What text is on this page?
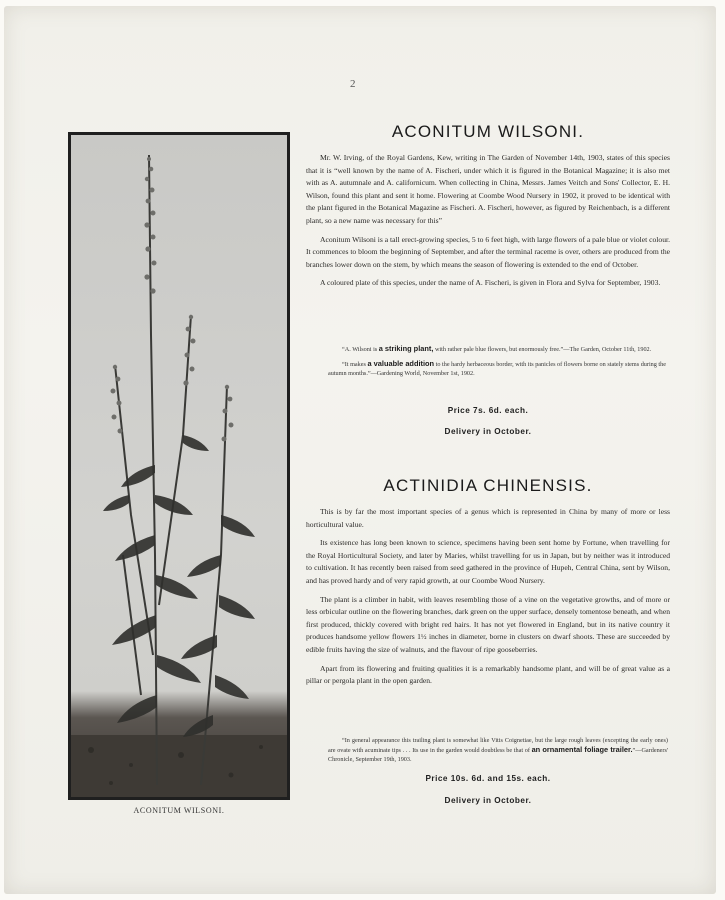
2
ACONITUM WILSONI.
ACONITUM WILSONI.

Mr. W. Irving, of the Royal Gardens, Kew, writing in The Garden of November 14th, 1903, states of this species that it is “well known by the name of A. Fischeri, under which it is figured in the Botanical Magazine; it is also met with as A. autumnale and A. californicum. When collecting in China, Messrs. James Veitch and Sons' Collector, E. H. Wilson, found this plant and sent it home. Flowering at Coombe Wood Nursery in 1902, it proved to be identical with the plant figured in the Botanical Magazine as Fischeri. A. Fischeri, however, as figured by Reichenbach, is a different plant, so a new name was necessary for this”

Aconitum Wilsoni is a tall erect-growing species, 5 to 6 feet high, with large flowers of a pale blue or violet colour. It commences to bloom the beginning of September, and after the terminal raceme is over, others are produced from the branches lower down on the stem, by which means the season of flowering is extended to the end of October.

A coloured plate of this species, under the name of A. Fischeri, is given in Flora and Sylva for September, 1903.

“A. Wilsoni is a striking plant, with rather pale blue flowers, but enormously free.”—The Garden, October 11th, 1902.

“It makes a valuable addition to the hardy herbaceous border, with its panicles of flowers borne on stately stems during the autumn months.”—Gardening World, November 1st, 1902.

Price 7s. 6d. each.
Delivery in October.
ACTINIDIA CHINENSIS.

This is by far the most important species of a genus which is represented in China by many of more or less horticultural value.

Its existence has long been known to science, specimens having been sent home by Fortune, when travelling for the Royal Horticultural Society, and later by Maries, whilst travelling for us in Japan, but by neither was it introduced to cultivation. It has recently been raised from seed gathered in the province of Hupeh, Central China, sent by Wilson, and has proved hardy and of very rapid growth, at our Coombe Wood Nursery.

The plant is a climber in habit, with leaves resembling those of a vine on the vegetative growths, and of more or less orbicular outline on the flowering branches, dark green on the upper surface, densely tomentose beneath, and when first produced, thickly covered with bright red hairs. It has not yet flowered in England, but in its native country it produces handsome yellow flowers 1½ inches in diameter, borne in clusters on dwarf shoots. These are succeeded by edible fruits having the size of walnuts, and the flavour of ripe gooseberries.

Apart from its flowering and fruiting qualities it is a remarkably handsome plant, and will be of great value as a pillar or pergola plant in the open garden.

“In general appearance this trailing plant is somewhat like Vitis Coignetiae, but the large rough leaves (excepting the early ones) are ovate with acuminate tips . . . Its use in the garden would doubtless be that of an ornamental foliage trailer.”—Gardeners' Chronicle, September 19th, 1903.

Price 10s. 6d. and 15s. each.
Delivery in October.
